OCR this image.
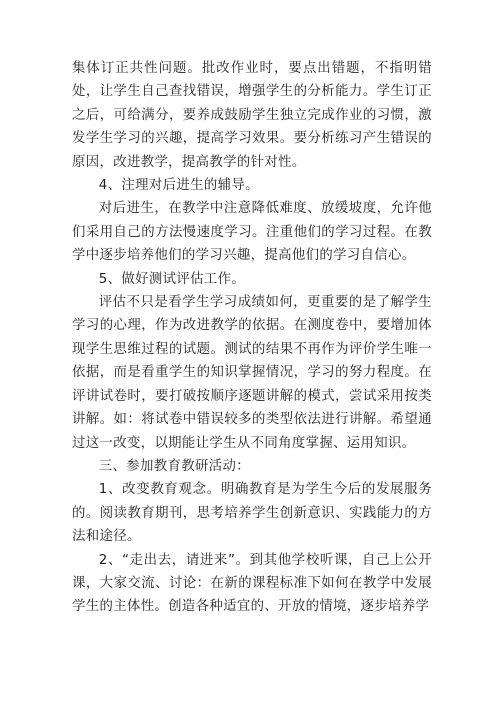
集体订正共性问题。批改作业时，要点出错题，不指明错处，让学生自己查找错误，增强学生的分析能力。学生订正之后，可给满分，要养成鼓励学生独立完成作业的习惯，激发学生学习的兴趣，提高学习效果。要分析练习产生错误的原因，改进教学，提高教学的针对性。

4、注理对后进生的辅导。

对后进生，在教学中注意降低难度、放缓坡度，允许他们采用自己的方法慢速度学习。注重他们的学习过程。在教学中逐步培养他们的学习兴趣，提高他们的学习自信心。

5、做好测试评估工作。

评估不只是看学生学习成绩如何，更重要的是了解学生学习的心理，作为改进教学的依据。在测度卷中，要增加体现学生思维过程的试题。测试的结果不再作为评价学生唯一依据，而是看重学生的知识掌握情况，学习的努力程度。在评讲试卷时，要打破按顺序逐题讲解的模式，尝试采用按类讲解。如：将试卷中错误较多的类型依法进行讲解。希望通过这一改变，以期能让学生从不同角度掌握、运用知识。

三、参加教育教研活动：

1、改变教育观念。明确教育是为学生今后的发展服务的。阅读教育期刊，思考培养学生创新意识、实践能力的方法和途径。

2、“走出去，请进来”。到其他学校听课，自己上公开课，大家交流、讨论：在新的课程标准下如何在教学中发展学生的主体性。创造各种适宜的、开放的情境，逐步培养学
